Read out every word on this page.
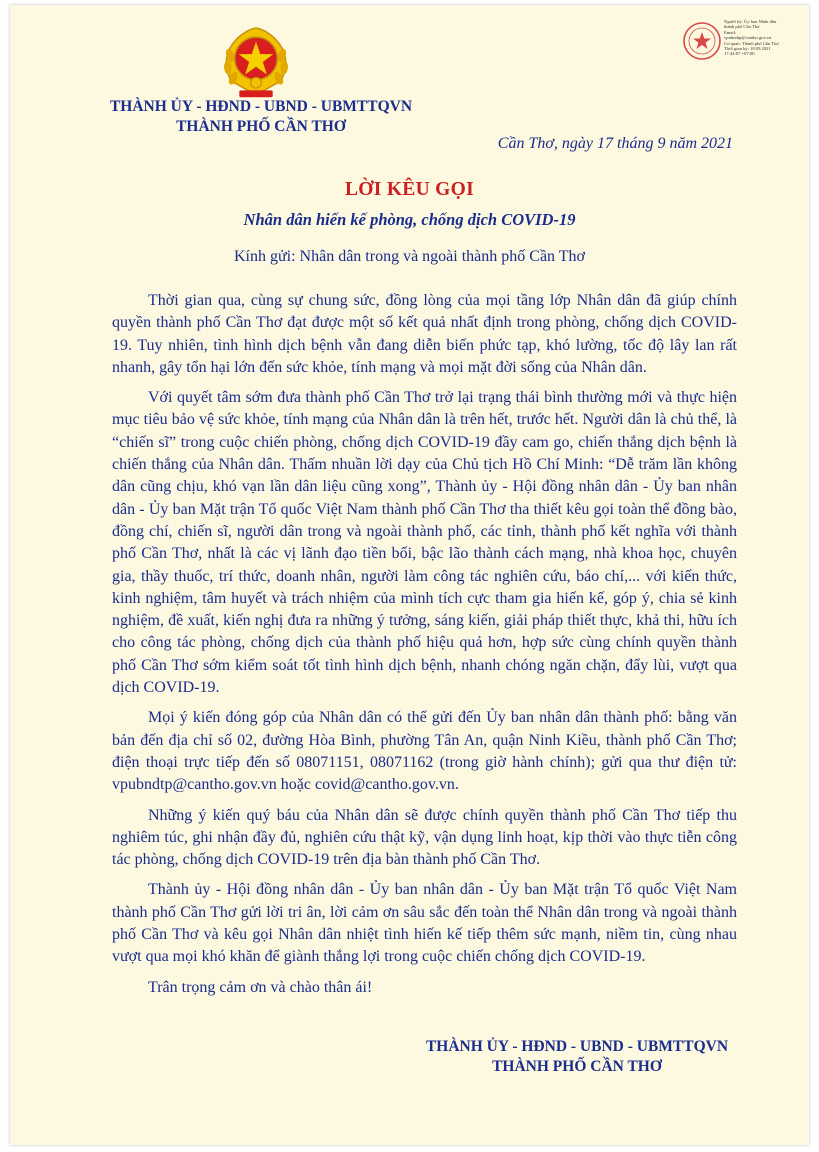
Người ký: Ủy ban Nhân dân
thành phố Cần Thơ
Email:
vpubndtp@cantho.gov.vn
Cơ quan: Thành phố Cần Thơ
Thời gian ký: 18.09.2021
17:44:07 +07:00
THÀNH ỦY - HĐND - UBND - UBMTTQVN
THÀNH PHỐ CẦN THƠ
Cần Thơ, ngày 17 tháng 9 năm 2021
LỜI KÊU GỌI
Nhân dân hiến kế phòng, chống dịch COVID-19
Kính gửi: Nhân dân trong và ngoài thành phố Cần Thơ

Thời gian qua, cùng sự chung sức, đồng lòng của mọi tầng lớp Nhân dân đã giúp chính quyền thành phố Cần Thơ đạt được một số kết quả nhất định trong phòng, chống dịch COVID-19. Tuy nhiên, tình hình dịch bệnh vẫn đang diễn biến phức tạp, khó lường, tốc độ lây lan rất nhanh, gây tổn hại lớn đến sức khỏe, tính mạng và mọi mặt đời sống của Nhân dân.

Với quyết tâm sớm đưa thành phố Cần Thơ trở lại trạng thái bình thường mới và thực hiện mục tiêu bảo vệ sức khỏe, tính mạng của Nhân dân là trên hết, trước hết. Người dân là chủ thể, là “chiến sĩ” trong cuộc chiến phòng, chống dịch COVID-19 đầy cam go, chiến thắng dịch bệnh là chiến thắng của Nhân dân. Thấm nhuần lời dạy của Chủ tịch Hồ Chí Minh: “Dễ trăm lần không dân cũng chịu, khó vạn lần dân liệu cũng xong”, Thành ủy - Hội đồng nhân dân - Ủy ban nhân dân - Ủy ban Mặt trận Tổ quốc Việt Nam thành phố Cần Thơ tha thiết kêu gọi toàn thể đồng bào, đồng chí, chiến sĩ, người dân trong và ngoài thành phố, các tỉnh, thành phố kết nghĩa với thành phố Cần Thơ, nhất là các vị lãnh đạo tiền bối, bậc lão thành cách mạng, nhà khoa học, chuyên gia, thầy thuốc, trí thức, doanh nhân, người làm công tác nghiên cứu, báo chí,... với kiến thức, kinh nghiệm, tâm huyết và trách nhiệm của mình tích cực tham gia hiến kế, góp ý, chia sẻ kinh nghiệm, đề xuất, kiến nghị đưa ra những ý tưởng, sáng kiến, giải pháp thiết thực, khả thi, hữu ích cho công tác phòng, chống dịch của thành phố hiệu quả hơn, hợp sức cùng chính quyền thành phố Cần Thơ sớm kiểm soát tốt tình hình dịch bệnh, nhanh chóng ngăn chặn, đẩy lùi, vượt qua dịch COVID-19.

Mọi ý kiến đóng góp của Nhân dân có thể gửi đến Ủy ban nhân dân thành phố: bằng văn bản đến địa chỉ số 02, đường Hòa Bình, phường Tân An, quận Ninh Kiều, thành phố Cần Thơ; điện thoại trực tiếp đến số 08071151, 08071162 (trong giờ hành chính); gửi qua thư điện tử: vpubndtp@cantho.gov.vn hoặc covid@cantho.gov.vn.

Những ý kiến quý báu của Nhân dân sẽ được chính quyền thành phố Cần Thơ tiếp thu nghiêm túc, ghi nhận đầy đủ, nghiên cứu thật kỹ, vận dụng linh hoạt, kịp thời vào thực tiễn công tác phòng, chống dịch COVID-19 trên địa bàn thành phố Cần Thơ.

Thành ủy - Hội đồng nhân dân - Ủy ban nhân dân - Ủy ban Mặt trận Tổ quốc Việt Nam thành phố Cần Thơ gửi lời tri ân, lời cảm ơn sâu sắc đến toàn thể Nhân dân trong và ngoài thành phố Cần Thơ và kêu gọi Nhân dân nhiệt tình hiến kế tiếp thêm sức mạnh, niềm tin, cùng nhau vượt qua mọi khó khăn để giành thắng lợi trong cuộc chiến chống dịch COVID-19.

Trân trọng cảm ơn và chào thân ái!

THÀNH ỦY - HĐND - UBND - UBMTTQVN
THÀNH PHỐ CẦN THƠ
